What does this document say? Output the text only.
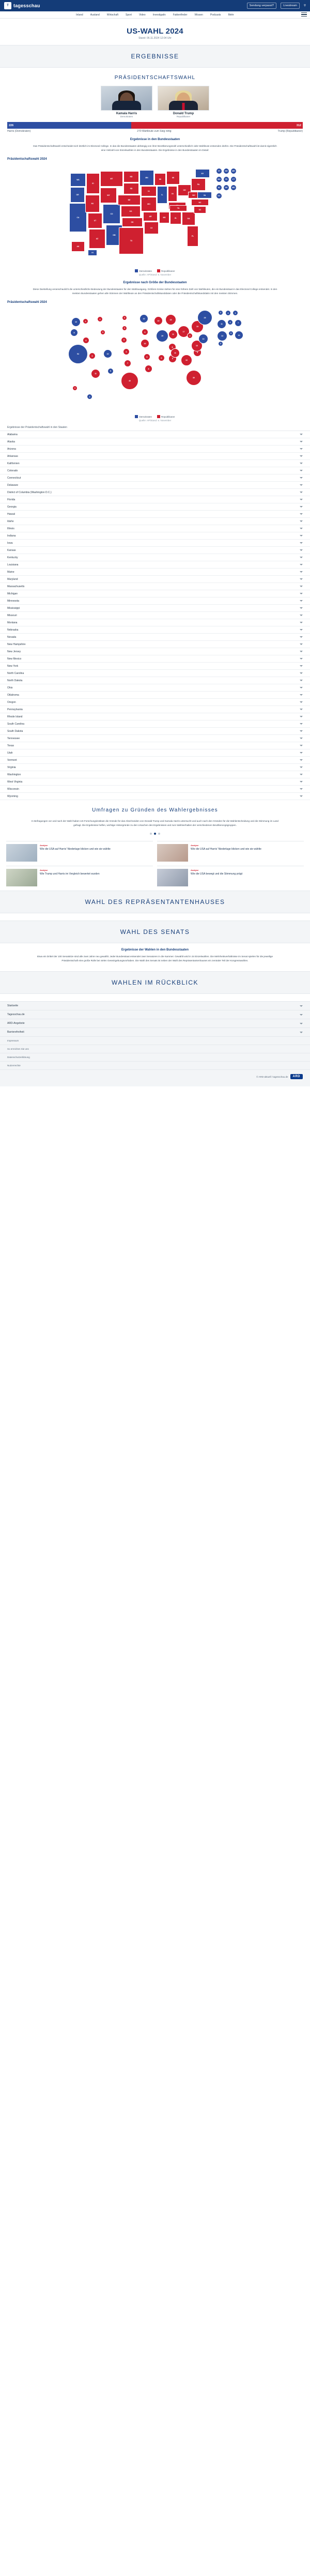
T	tagesschau	Sendung verpasst?	Livestream	⚲
Inland	Ausland	Wirtschaft	Sport	Video	Investigativ	Faktenfinder	Wissen	Podcasts	Mehr
US-WAHL 2024
Stand: 06.11.2024 12:04 Uhr
ERGEBNISSE
PRÄSIDENTSCHAFTSWAHL
Kamala Harris
Demokraten
Donald Trump
Republikaner
226	312
Harris (Demokraten)	270 Wahlleute zum Sieg nötig	Trump (Republikaner)
Ergebnisse in den Bundesstaaten
Das Präsidentschaftswahl entscheidet sich letztlich im Electoral College. In das die Bundesstaaten abhängig von ihrer Bevölkerungszahl unterschiedlich viele Wahlleute entsenden dürfen. Die Präsidentschaftswahl ist damit eigentlich eine Vielzahl von Einzelwahlen in den Bundesstaaten. Die Ergebnisse in den Bundesstaaten im Detail:
Präsidentschaftswahl 2024
WA
OR
CA
ID
NV
UT
AZ
MT
WY
CO
NM
ND
SD
NE
KS
OK
TX
MN
IA
MO
AR
LA
WI
IL
MS	AL
MI
IN
OH
TN
GA
FL
SC
NC
WV	VA
PA
NY
VT	NH	ME
MA	RI	CT
NJ	DE	MD
DC
AK
HI
Demokraten	Republikaner
Quelle: AP/Stand: 6. November
Ergebnisse nach Größe der Bundesstaaten
Diese Darstellung veranschaulicht die unterschiedliche Bedeutung der Bundesstaaten für den Wahlausgang. Größere Kreise stehen für eine höhere Zahl von Wahlleuten, die ein Bundesstaat in das Electoral College entsendet. In den meisten Bundesstaaten gehen alle Stimmen der Wahlleute an den Präsidentschaftskandidaten oder die Präsidentschaftskandidatin mit den meisten Stimmen.
Präsidentschaftswahl 2024
12
8
54
4
6
6
11
4
3
10
5
3
3
5
6
7
40
10
6
10
6
8
10
19
6	9
15
11
17
8
11
16
30
9
16
4
13
19
28
3	4	4
11
4	7
14
3
10
3
3
4
Demokraten	Republikaner
Quelle: AP/Stand: 6. November
Ergebnisse der Präsidentschaftswahl in den Staaten
Alabama
Alaska
Arizona
Arkansas
Kalifornien
Colorado
Connecticut
Delaware
District of Columbia (Washington D.C.)
Florida
Georgia
Hawaii
Idaho
Illinois
Indiana
Iowa
Kansas
Kentucky
Louisiana
Maine
Maryland
Massachusetts
Michigan
Minnesota
Mississippi
Missouri
Montana
Nebraska
Nevada
New Hampshire
New Jersey
New Mexico
New York
North Carolina
North Dakota
Ohio
Oklahoma
Oregon
Pennsylvania
Rhode Island
South Carolina
South Dakota
Tennessee
Texas
Utah
Vermont
Virginia
Washington
West Virginia
Wisconsin
Wyoming
Umfragen zu Gründen des Wahlergebnisses
In Befragungen vor und nach der Wahl haben US-Forschungsinstitute die Gründe für das Abschneiden von Donald Trump und Kamala Harris untersucht und auch nach den Gründen für die Wahlentscheidung und die Stimmung im Land gefragt. Die Ergebnisse helfen, wichtige Hintergründe zu den Ursachen des Ergebnisses und zum Wahlverhalten der verschiedenen Bevölkerungsgruppen.
Analyse
Wie die USA auf Harris' Niederlage blicken und wie sie wählte
Analyse
Wie die USA auf Harris' Niederlage blicken und wie sie wählte
Analyse
Wie Trump und Harris im Vergleich bewertet wurden
Analyse
Wie die USA bewegt und die Stimmung prägt
WAHL DES REPRÄSENTANTENHAUSES
WAHL DES SENATS
Ergebnisse der Wahlen in den Bundesstaaten
Etwa ein Drittel der 100 Senatsitze sind alle zwei Jahre neu gewählt. Jeder Bundesstaat entsendet zwei Senatoren in die Kammer. Gewählt wird in 34 Einzelwahlen. Die Mehrheitsverhältnisse im Senat spielen für die jeweilige Präsidentschaft eine große Rolle bei vielen Gesetzgebungsvorhaben. Die Wahl des Senats ist neben der Wahl des Repräsentantenhauses ein zentraler Teil der Kongresswahlen.
WAHLEN IM RÜCKBLICK
Startseite
Tagesschau.de
ARD-Angebote
Barrierefreiheit
Impressum
So erreichen Sie uns
Datenschutzerklärung
Nutzerrechte
© ARD-aktuell / tagesschau.de	ARD
